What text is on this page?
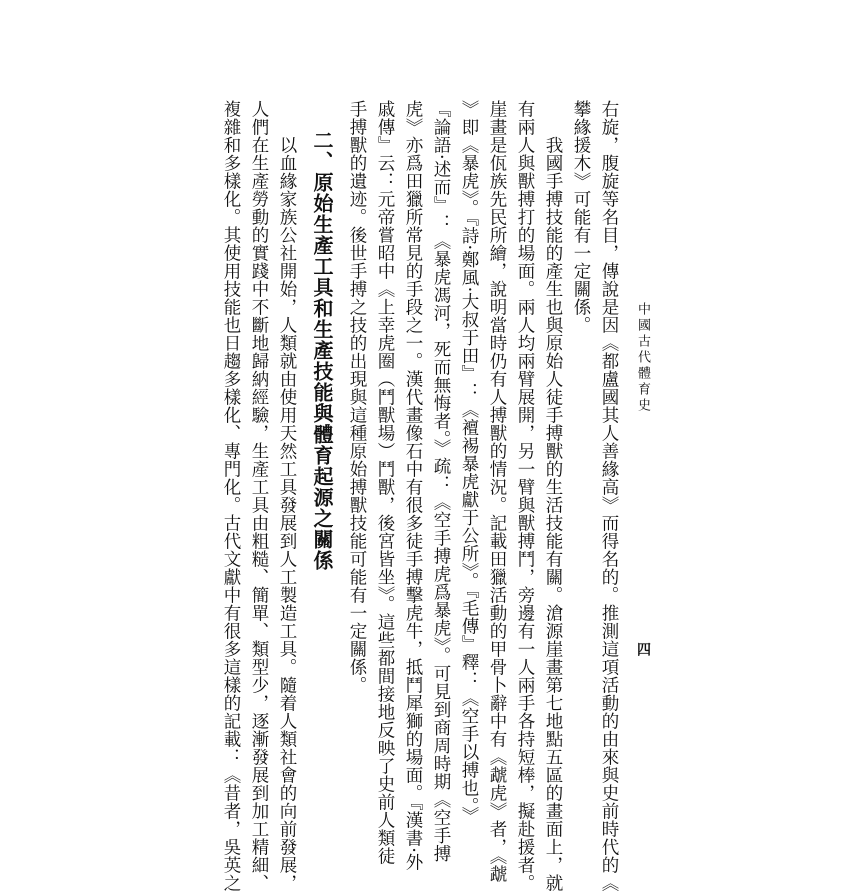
中國古代體育史
四
右旋，腹旋等名目，傳說是因《都盧國其人善緣高》而得名的。推測這項活動的由來與史前時代的《
攀緣援木》可能有一定關係。
我國手搏技能的產生也與原始人徒手搏獸的生活技能有關。滄源崖畫第七地點五區的畫面上，就
有兩人與獸搏打的場面。兩人均兩臂展開，另一臂與獸搏鬥，旁邊有一人兩手各持短棒，擬赴援者。
崖畫是佤族先民所繪，說明當時仍有人搏獸的情況。記載田獵活動的甲骨卜辭中有《虣虎》者，《虣
》即《暴虎》。『詩·鄭風·大叔于田』：《襢裼暴虎獻于公所》。『毛傳』釋：《空手以搏也。》
『論語·述而』：《暴虎馮河，死而無悔者。》疏：《空手搏虎爲暴虎》。可見到商周時期《空手搏
虎》亦爲田獵所常見的手段之一。漢代畫像石中有很多徒手搏擊虎牛，抵鬥犀獅的場面。『漢書·外
戚傳』云：元帝嘗昭中《上幸虎圈（鬥獸場）鬥獸，後宮皆坐》。這些都間接地反映了史前人類徒
手搏獸的遺迹。後世手搏之技的出現與這種原始搏獸技能可能有一定關係。
二、原始生產工具和生產技能與體育起源之關係
以血緣家族公社開始，人類就由使用天然工具發展到人工製造工具。隨着人類社會的向前發展，
人們在生產勞動的實踐中不斷地歸納經驗，生產工具由粗糙、簡單、類型少，逐漸發展到加工精細、
複雜和多樣化。其使用技能也日趨多樣化、專門化。古代文獻中有很多這樣的記載：《昔者，吳英之
